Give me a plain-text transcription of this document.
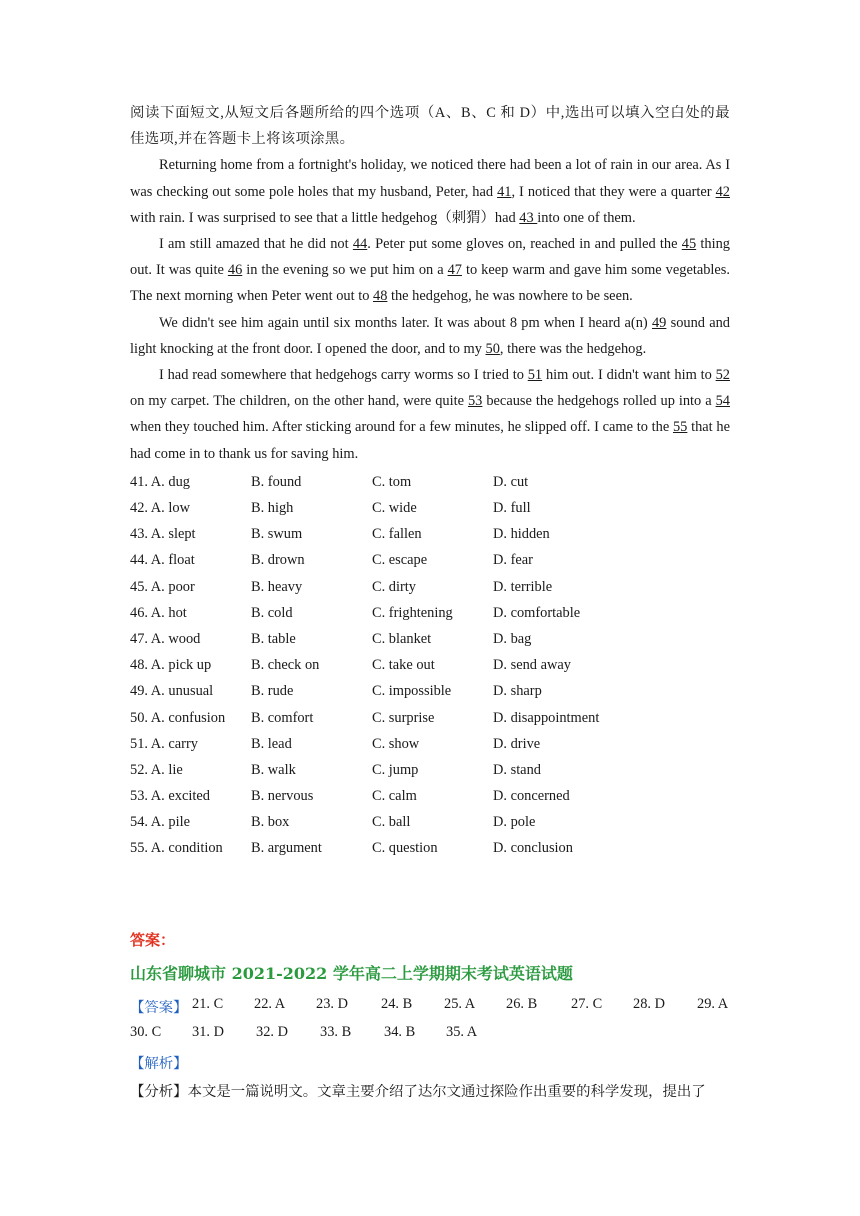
阅读下面短文,从短文后各题所给的四个选项（A、B、C 和 D）中,选出可以填入空白处的最佳选项,并在答题卡上将该项涂黑。

Returning home from a fortnight's holiday, we noticed there had been a lot of rain in our area. As I was checking out some pole holes that my husband, Peter, had 41, I noticed that they were a quarter 42 with rain. I was surprised to see that a little hedgehog（刺猬）had 43 into one of them.

I am still amazed that he did not 44. Peter put some gloves on, reached in and pulled the 45 thing out. It was quite 46 in the evening so we put him on a 47 to keep warm and gave him some vegetables. The next morning when Peter went out to 48 the hedgehog, he was nowhere to be seen.

We didn't see him again until six months later. It was about 8 pm when I heard a(n) 49 sound and light knocking at the front door. I opened the door, and to my 50, there was the hedgehog.

I had read somewhere that hedgehogs carry worms so I tried to 51 him out. I didn't want him to 52 on my carpet. The children, on the other hand, were quite 53 because the hedgehogs rolled up into a 54 when they touched him. After sticking around for a few minutes, he slipped off. I came to the 55 that he had come in to thank us for saving him.

41. A. dug	B. found	C. tom	D. cut
42. A. low	B. high	C. wide	D. full
43. A. slept	B. swum	C. fallen	D. hidden
44. A. float	B. drown	C. escape	D. fear
45. A. poor	B. heavy	C. dirty	D. terrible
46. A. hot	B. cold	C. frightening	D. comfortable
47. A. wood	B. table	C. blanket	D. bag
48. A. pick up	B. check on	C. take out	D. send away
49. A. unusual	B. rude	C. impossible	D. sharp
50. A. confusion	B. comfort	C. surprise	D. disappointment
51. A. carry	B. lead	C. show	D. drive
52. A. lie	B. walk	C. jump	D. stand
53. A. excited	B. nervous	C. calm	D. concerned
54. A. pile	B. box	C. ball	D. pole
55. A. condition	B. argument	C. question	D. conclusion
答案：
山东省聊城市 2021-2022 学年高二上学期期末考试英语试题
【答案】 21. C 22. A 23. D 24. B 25. A 26. B 27. C 28. D 29. A
30. C 31. D 32. D 33. B 34. B 35. A
【解析】
【分析】本文是一篇说明文。文章主要介绍了达尔文通过探险作出重要的科学发现，提出了
